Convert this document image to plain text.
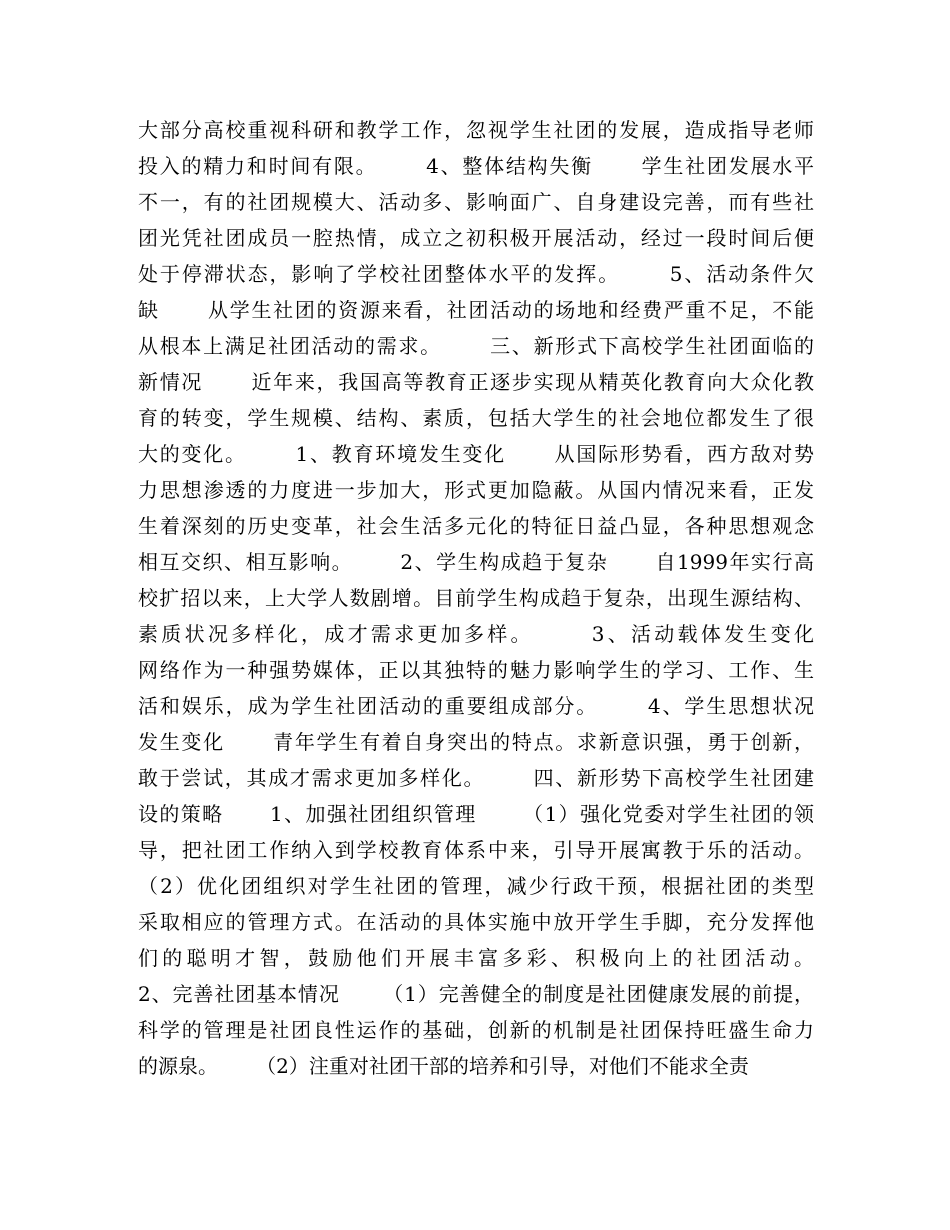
大部分高校重视科研和教学工作，忽视学生社团的发展，造成指导老师
投入的精力和时间有限。      4、整体结构失衡      学生社团发展水平
不一，有的社团规模大、活动多、影响面广、自身建设完善，而有些社
团光凭社团成员一腔热情，成立之初积极开展活动，经过一段时间后便
处于停滞状态，影响了学校社团整体水平的发挥。      5、活动条件欠
缺      从学生社团的资源来看，社团活动的场地和经费严重不足，不能
从根本上满足社团活动的需求。      三、新形式下高校学生社团面临的
新情况      近年来，我国高等教育正逐步实现从精英化教育向大众化教
育的转变，学生规模、结构、素质，包括大学生的社会地位都发生了很
大的变化。      1、教育环境发生变化      从国际形势看，西方敌对势
力思想渗透的力度进一步加大，形式更加隐蔽。从国内情况来看，正发
生着深刻的历史变革，社会生活多元化的特征日益凸显，各种思想观念
相互交织、相互影响。      2、学生构成趋于复杂      自1999年实行高
校扩招以来，上大学人数剧增。目前学生构成趋于复杂，出现生源结构、
素质状况多样化，成才需求更加多样。      3、活动载体发生变化
网络作为一种强势媒体，正以其独特的魅力影响学生的学习、工作、生
活和娱乐，成为学生社团活动的重要组成部分。      4、学生思想状况
发生变化      青年学生有着自身突出的特点。求新意识强，勇于创新，
敢于尝试，其成才需求更加多样化。      四、新形势下高校学生社团建
设的策略      1、加强社团组织管理      （1）强化党委对学生社团的领
导，把社团工作纳入到学校教育体系中来，引导开展寓教于乐的活动。
（2）优化团组织对学生社团的管理，减少行政干预，根据社团的类型
采取相应的管理方式。在活动的具体实施中放开学生手脚，充分发挥他
们的聪明才智，鼓励他们开展丰富多彩、积极向上的社团活动。
2、完善社团基本情况      （1）完善健全的制度是社团健康发展的前提，
科学的管理是社团良性运作的基础，创新的机制是社团保持旺盛生命力
的源泉。      （2）注重对社团干部的培养和引导，对他们不能求全责
